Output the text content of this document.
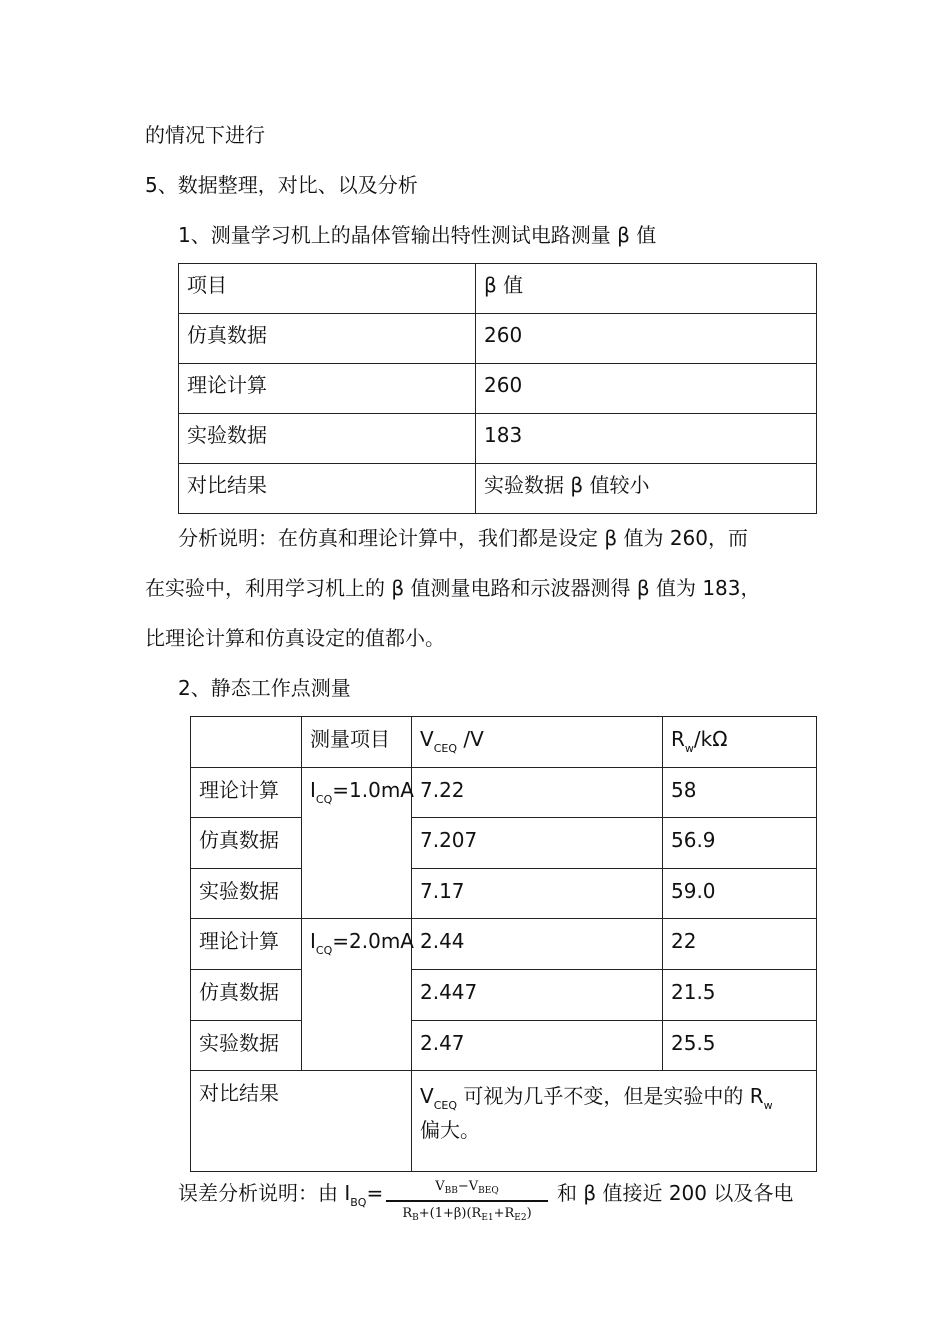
的情况下进行
5、数据整理，对比、以及分析
1、测量学习机上的晶体管输出特性测试电路测量 β 值
项目	β 值
仿真数据	260
理论计算	260
实验数据	183
对比结果	实验数据 β 值较小
分析说明：在仿真和理论计算中，我们都是设定 β 值为 260，而
在实验中，利用学习机上的 β 值测量电路和示波器测得 β 值为 183，
比理论计算和仿真设定的值都小。
2、静态工作点测量
	测量项目	$V_{CEQ}$ /V	$R_w/k\Omega$
理论计算	$I_{CQ}=1.0mA$	7.22	58
仿真数据		7.207	56.9
实验数据		7.17	59.0
理论计算	$I_{CQ}=2.0mA$	2.44	22
仿真数据		2.447	21.5
实验数据		2.47	25.5
对比结果		$V_{CEQ}$ 可视为几乎不变，但是实验中的 $R_w$
偏大。	
误差分析说明：由 $I_{BQ}=$	$V_{BB}-V_{BEQ}$
$R_B+(1+\beta)(R_{E1}+R_{E2})$
和 β 值接近 200 以及各电
